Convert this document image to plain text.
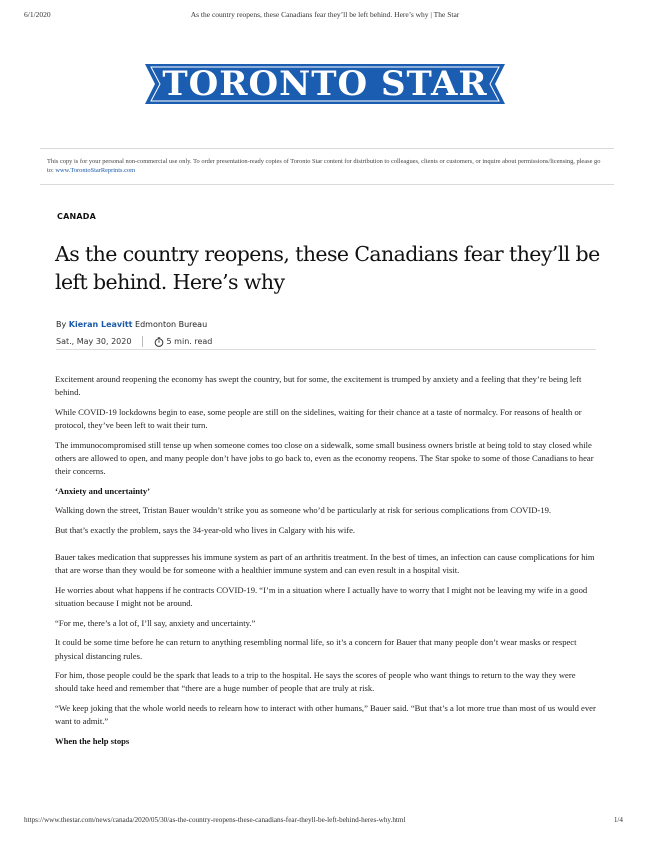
6/1/2020	As the country reopens, these Canadians fear they’ll be left behind. Here’s why | The Star
TORONTO STAR
This copy is for your personal non-commercial use only. To order presentation-ready copies of Toronto Star content for distribution to colleagues, clients or customers, or inquire about permissions/licensing, please go to: www.TorontoStarReprints.com
CANADA
As the country reopens, these Canadians fear they’ll be left behind. Here’s why
By Kieran Leavitt Edmonton Bureau
Sat., May 30, 2020	5 min. read

Excitement around reopening the economy has swept the country, but for some, the excitement is trumped by anxiety and a feeling that they’re being left behind.

While COVID-19 lockdowns begin to ease, some people are still on the sidelines, waiting for their chance at a taste of normalcy. For reasons of health or protocol, they’ve been left to wait their turn.

The immunocompromised still tense up when someone comes too close on a sidewalk, some small business owners bristle at being told to stay closed while others are allowed to open, and many people don’t have jobs to go back to, even as the economy reopens. The Star spoke to some of those Canadians to hear their concerns.

‘Anxiety and uncertainty’

Walking down the street, Tristan Bauer wouldn’t strike you as someone who’d be particularly at risk for serious complications from COVID-19.

But that’s exactly the problem, says the 34-year-old who lives in Calgary with his wife.

Bauer takes medication that suppresses his immune system as part of an arthritis treatment. In the best of times, an infection can cause complications for him that are worse than they would be for someone with a healthier immune system and can even result in a hospital visit.

He worries about what happens if he contracts COVID-19. “I’m in a situation where I actually have to worry that I might not be leaving my wife in a good situation because I might not be around.

“For me, there’s a lot of, I’ll say, anxiety and uncertainty.”

It could be some time before he can return to anything resembling normal life, so it’s a concern for Bauer that many people don’t wear masks or respect physical distancing rules.

For him, those people could be the spark that leads to a trip to the hospital. He says the scores of people who want things to return to the way they were should take heed and remember that “there are a huge number of people that are truly at risk.

“We keep joking that the whole world needs to relearn how to interact with other humans,” Bauer said. “But that’s a lot more true than most of us would ever want to admit.”

When the help stops

https://www.thestar.com/news/canada/2020/05/30/as-the-country-reopens-these-canadians-fear-theyll-be-left-behind-heres-why.html	1/4
